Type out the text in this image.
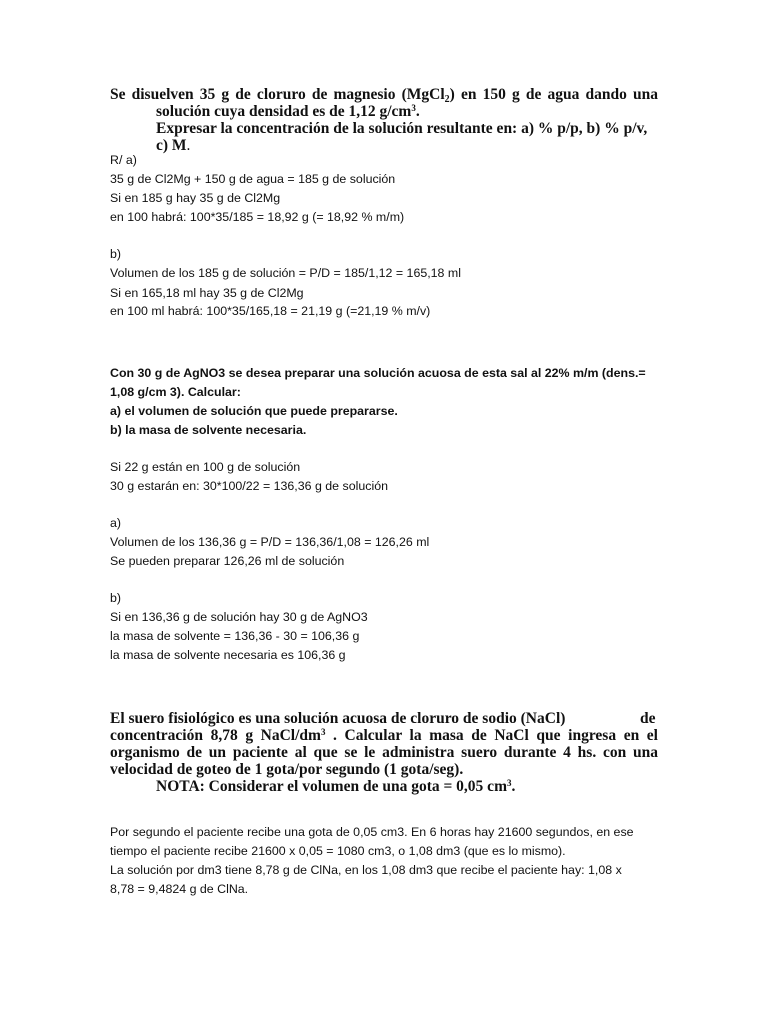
Se disuelven 35 g de cloruro de magnesio (MgCl$_2$) en 150 g de agua dando una
solución cuya densidad es de 1,12 $g/cm^3$.
Expresar la concentración de la solución resultante en: a) % p/p, b) % p/v,
c) M.
R/ a)
35 g de Cl2Mg + 150 g de agua = 185 g de solución
Si en 185 g hay 35 g de Cl2Mg
en 100 habrá: 100*35/185 = 18,92 g (= 18,92 % m/m)
b)
Volumen de los 185 g de solución = P/D = 185/1,12 = 165,18 ml
Si en 165,18 ml hay 35 g de Cl2Mg
en 100 ml habrá: 100*35/165,18 = 21,19 g (=21,19 % m/v)
Con 30 g de AgNO3 se desea preparar una solución acuosa de esta sal al 22% m/m (dens.=
1,08 g/cm 3). Calcular:
a) el volumen de solución que puede prepararse.
b) la masa de solvente necesaria.
Si 22 g están en 100 g de solución
30 g estarán en: 30*100/22 = 136,36 g de solución
a)
Volumen de los 136,36 g = P/D = 136,36/1,08 = 126,26 ml
Se pueden preparar 126,26 ml de solución
b)
Si en 136,36 g de solución hay 30 g de AgNO3
la masa de solvente = 136,36 - 30 = 106,36 g
la masa de solvente necesaria es 106,36 g
El suero fisiológico es una solución acuosa de cloruro de sodio (NaCl)	de
concentración 8,78 g NaCl/$dm^3$ . Calcular la masa de NaCl que ingresa en el
organismo de un paciente al que se le administra suero durante 4 hs. con una
velocidad de goteo de 1 gota/por segundo (1 gota/seg).
NOTA: Considerar el volumen de una gota = 0,05 $cm^3$.
Por segundo el paciente recibe una gota de 0,05 cm3. En 6 horas hay 21600 segundos, en ese
tiempo el paciente recibe 21600 x 0,05 = 1080 cm3, o 1,08 dm3 (que es lo mismo).
La solución por dm3 tiene 8,78 g de ClNa, en los 1,08 dm3 que recibe el paciente hay: 1,08 x
8,78 = 9,4824 g de ClNa.
